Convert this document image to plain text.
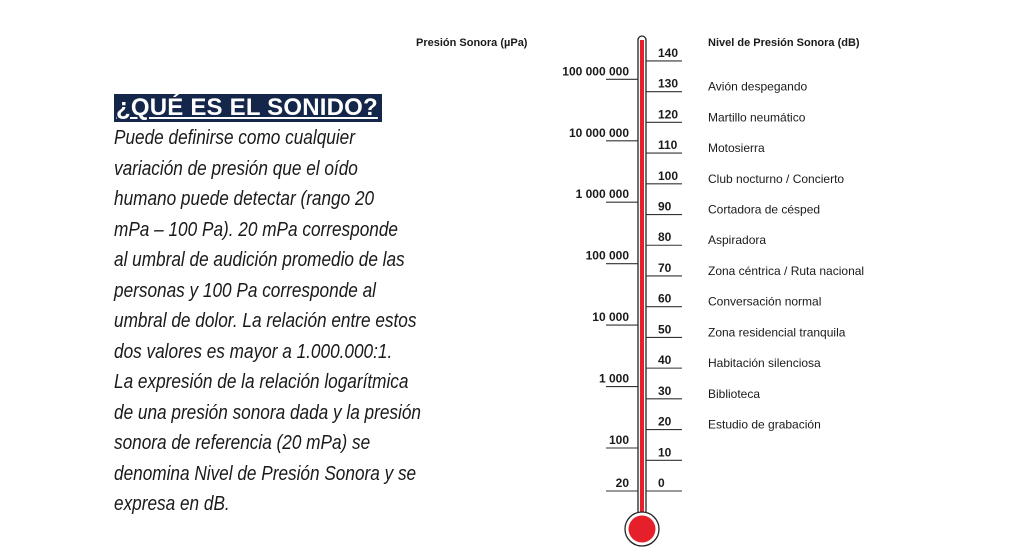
¿QUÉ ES EL SONIDO?
Puede definirse como cualquier
variación de presión que el oído
humano puede detectar (rango 20
mPa – 100 Pa). 20 mPa corresponde
al umbral de audición promedio de las
personas y 100 Pa corresponde al
umbral de dolor. La relación entre estos
dos valores es mayor a 1.000.000:1.
La expresión de la relación logarítmica
de una presión sonora dada y la presión
sonora de referencia (20 mPa) se
denomina Nivel de Presión Sonora y se
expresa en dB.
Presión Sonora (µPa)	Nivel de Presión Sonora (dB)
140
130
120
110
100
90
80
70
60
50
40
30
20
10
0
100 000 000
10 000 000
1 000 000
100 000
10 000
1 000
100
20
Avión despegando
Martillo neumático
Motosierra
Club nocturno / Concierto
Cortadora de césped
Aspiradora
Zona céntrica / Ruta nacional
Conversación normal
Zona residencial tranquila
Habitación silenciosa
Biblioteca
Estudio de grabación
